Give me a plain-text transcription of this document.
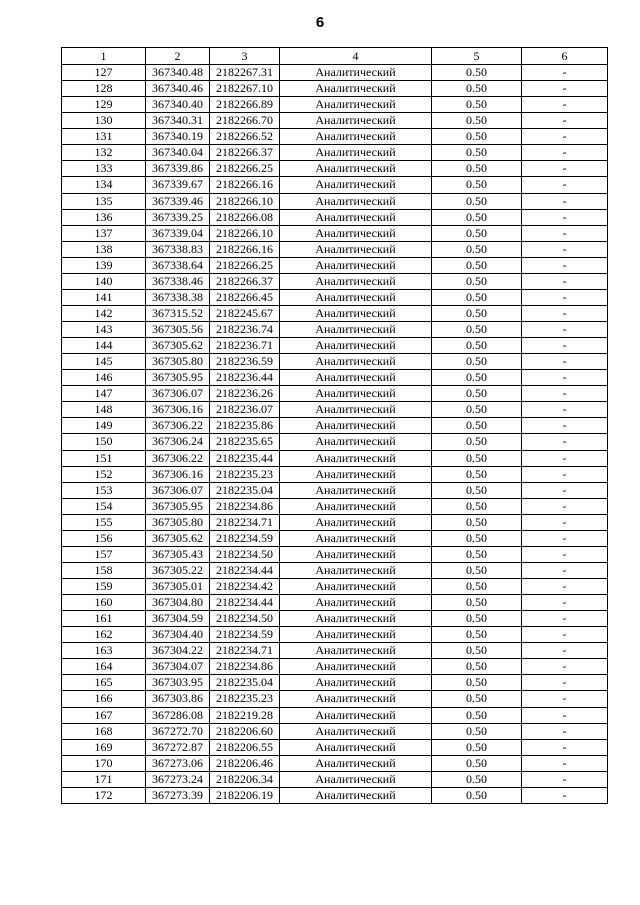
6
1	2	3	4	5	6
127	367340.48	2182267.31	Аналитический	0.50	-
128	367340.46	2182267.10	Аналитический	0.50	-
129	367340.40	2182266.89	Аналитический	0.50	-
130	367340.31	2182266.70	Аналитический	0.50	-
131	367340.19	2182266.52	Аналитический	0.50	-
132	367340.04	2182266.37	Аналитический	0.50	-
133	367339.86	2182266.25	Аналитический	0.50	-
134	367339.67	2182266.16	Аналитический	0.50	-
135	367339.46	2182266.10	Аналитический	0.50	-
136	367339.25	2182266.08	Аналитический	0.50	-
137	367339.04	2182266.10	Аналитический	0.50	-
138	367338.83	2182266.16	Аналитический	0.50	-
139	367338.64	2182266.25	Аналитический	0.50	-
140	367338.46	2182266.37	Аналитический	0.50	-
141	367338.38	2182266.45	Аналитический	0.50	-
142	367315.52	2182245.67	Аналитический	0.50	-
143	367305.56	2182236.74	Аналитический	0.50	-
144	367305.62	2182236.71	Аналитический	0.50	-
145	367305.80	2182236.59	Аналитический	0.50	-
146	367305.95	2182236.44	Аналитический	0.50	-
147	367306.07	2182236.26	Аналитический	0.50	-
148	367306.16	2182236.07	Аналитический	0.50	-
149	367306.22	2182235.86	Аналитический	0.50	-
150	367306.24	2182235.65	Аналитический	0.50	-
151	367306.22	2182235.44	Аналитический	0.50	-
152	367306.16	2182235.23	Аналитический	0.50	-
153	367306.07	2182235.04	Аналитический	0.50	-
154	367305.95	2182234.86	Аналитический	0.50	-
155	367305.80	2182234.71	Аналитический	0.50	-
156	367305.62	2182234.59	Аналитический	0.50	-
157	367305.43	2182234.50	Аналитический	0.50	-
158	367305.22	2182234.44	Аналитический	0.50	-
159	367305.01	2182234.42	Аналитический	0.50	-
160	367304.80	2182234.44	Аналитический	0.50	-
161	367304.59	2182234.50	Аналитический	0.50	-
162	367304.40	2182234.59	Аналитический	0.50	-
163	367304.22	2182234.71	Аналитический	0.50	-
164	367304.07	2182234.86	Аналитический	0.50	-
165	367303.95	2182235.04	Аналитический	0.50	-
166	367303.86	2182235.23	Аналитический	0.50	-
167	367286.08	2182219.28	Аналитический	0.50	-
168	367272.70	2182206.60	Аналитический	0.50	-
169	367272.87	2182206.55	Аналитический	0.50	-
170	367273.06	2182206.46	Аналитический	0.50	-
171	367273.24	2182206.34	Аналитический	0.50	-
172	367273.39	2182206.19	Аналитический	0.50	-
